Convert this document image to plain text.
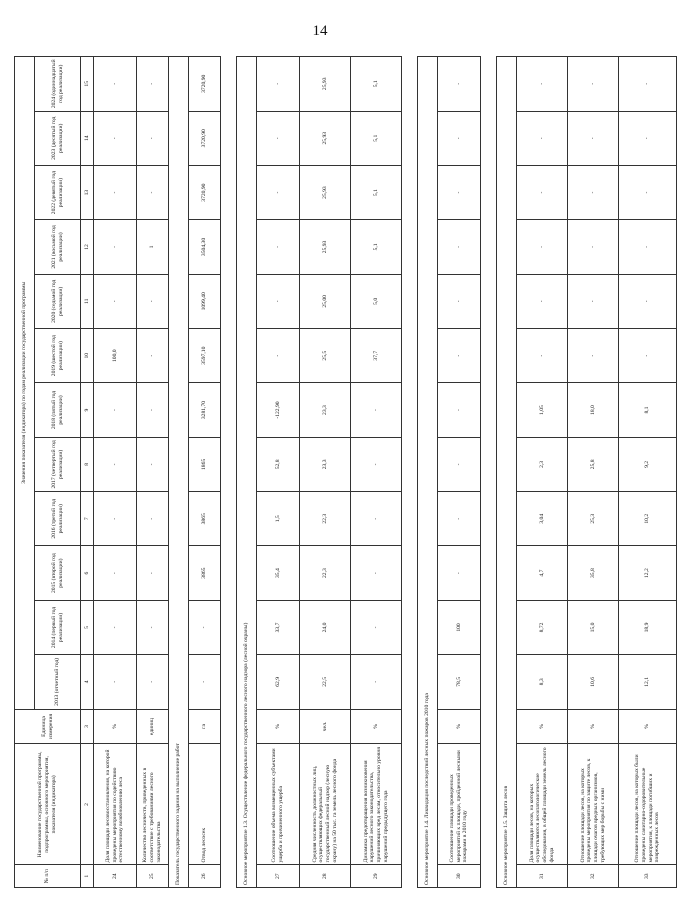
14
№ п/п	Наименование государственной программы, подпрограммы, основного мероприятия, показателя (индикатора)	Единица измерения	Значения показателя (индикатора) по годам реализации государственной программы											
			2013 (отчетный год)	2014 (первый год реализации)	2015 (второй год реализации)	2016 (третий год реализации)	2017 (четвертый год реализации)	2018 (пятый год реализации)	2019 (шестой год реализации)	2020 (седьмой год реализации)	2021 (восьмой год реализации)	2022 (девятый год реализации)	2023 (десятый год реализации)	2024 (одиннадцатый год реализации)
1	2	3	4	5	6	7	8	9	10	11	12	13	14	15
24	Доля площади лесовосстановления, на которой проведены мероприятия по содействию естественному возобновлению леса	%	-	-	-	-	-	-	100,0	-	-	-	-	-
25	Количество лесничеств, приведенных в соответствие с требованиями лесного законодательства	единиц	-	-	-	-	-	-	-	-	1	-	-	-
Показатель государственного задания на выполнение работ														
26	Отвод лесосек	га	-	-	3865	3865	1865	3281,70	3597,10	1099,40	3504,30	3720,90	3720,90	3720,90

Основное мероприятие 1.3. Осуществление федерального государственного лесного надзора (лесной охраны)														
27	Соотношение объема возмещенных субъектами ущерба и причиненного ущерба	%	62,9	33,7	35,4	1,5	52,8	-122,90	-	-	-	-	-	-
28	Средняя численность должностных лиц, осуществляющих федеральный государственный лесной надзор (лесную охрану) на 50 тыс. га земель лесного фонда	чел.	22,5	24,0	22,3	22,3	23,3	23,3	25,5	25,00	25,93	25,93	25,93	25,93
29	Динамика предотвращения возникновения нарушений лесного законодательства, причиняющих вред лесам, относительно уровня нарушений предыдущего года	%	-	-	-	-	-	-	37,7	5,0	5,1	5,1	5,1	5,1

Основное мероприятие 1.4. Ликвидация последствий лесных пожаров 2010 года														
30	Соотношение площади проведенных мероприятий к площади, пройденной лесными пожарами в 2010 году	%	78,5	100	-	-	-	-	-	-	-	-	-	-

Основное мероприятие 1.5. Защита лесов														
31	Доля площади лесов, на которых осуществляются лесопатологические обследования, в общей площади земель лесного фонда	%	8,3	8,72	4,7	3,04	2,3	1,05	-	-	-	-	-	-
32	Отношение площади лесов, на которых проведены мероприятия по защите лесов, к площади очагов вредных организмов, требующих мер борьбы с ними	%	10,6	15,0	35,8	25,3	25,8	18,0	-	-	-	-	-	-
33	Отношение площади лесов, на которых были проведены санитарно-оздоровительные мероприятия, к площади погибших и поврежденных лесов	%	12,1	18,9	12,2	10,2	9,2	8,1	-	-	-	-	-	-
